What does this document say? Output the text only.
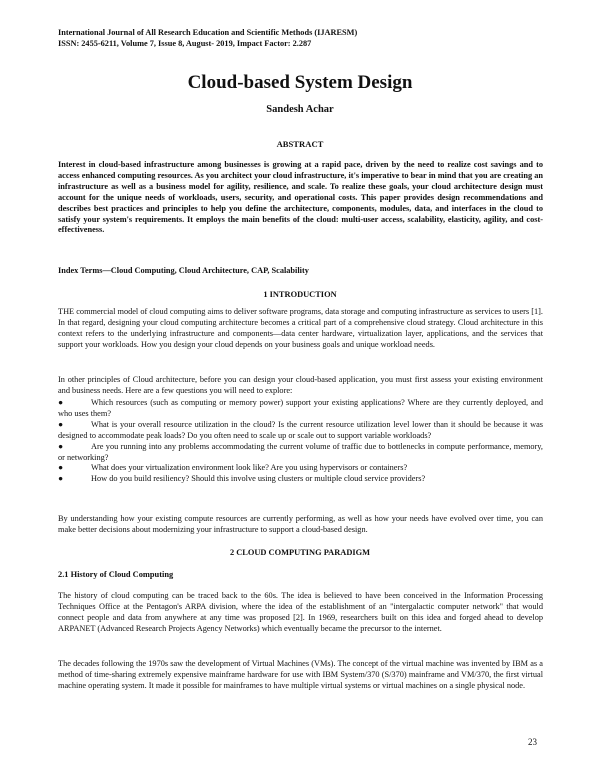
International Journal of All Research Education and Scientific Methods (IJARESM)
ISSN: 2455-6211, Volume 7, Issue 8, August- 2019, Impact Factor: 2.287
Cloud-based System Design
Sandesh Achar
ABSTRACT
Interest in cloud-based infrastructure among businesses is growing at a rapid pace, driven by the need to realize cost savings and to access enhanced computing resources. As you architect your cloud infrastructure, it's imperative to bear in mind that you are creating an infrastructure as well as a business model for agility, resilience, and scale. To realize these goals, your cloud architecture design must account for the unique needs of workloads, users, security, and operational costs. This paper provides design recommendations and describes best practices and principles to help you define the architecture, components, modules, data, and interfaces in the cloud to satisfy your system's requirements. It employs the main benefits of the cloud: multi-user access, scalability, elasticity, agility, and cost-effectiveness.
Index Terms—Cloud Computing, Cloud Architecture, CAP, Scalability
1 INTRODUCTION
THE commercial model of cloud computing aims to deliver software programs, data storage and computing infrastructure as services to users [1]. In that regard, designing your cloud computing architecture becomes a critical part of a comprehensive cloud strategy. Cloud architecture in this context refers to the underlying infrastructure and components—data center hardware, virtualization layer, applications, and the services that support your workloads. How you design your cloud depends on your business goals and unique workload needs.
In other principles of Cloud architecture, before you can design your cloud-based application, you must first assess your existing environment and business needs. Here are a few questions you will need to explore:
●	Which resources (such as computing or memory power) support your existing applications? Where are they currently deployed, and who uses them?
●	What is your overall resource utilization in the cloud? Is the current resource utilization level lower than it should be because it was designed to accommodate peak loads? Do you often need to scale up or scale out to support variable workloads?
●	Are you running into any problems accommodating the current volume of traffic due to bottlenecks in compute performance, memory, or networking?
●	What does your virtualization environment look like? Are you using hypervisors or containers?
●	How do you build resiliency? Should this involve using clusters or multiple cloud service providers?
By understanding how your existing compute resources are currently performing, as well as how your needs have evolved over time, you can make better decisions about modernizing your infrastructure to support a cloud-based design.
2 CLOUD COMPUTING PARADIGM
2.1 History of Cloud Computing
The history of cloud computing can be traced back to the 60s. The idea is believed to have been conceived in the Information Processing Techniques Office at the Pentagon's ARPA division, where the idea of the establishment of an "intergalactic computer network" that would connect people and data from anywhere at any time was proposed [2]. In 1969, researchers built on this idea and forged ahead to develop ARPANET (Advanced Research Projects Agency Networks) which eventually became the precursor to the internet.
The decades following the 1970s saw the development of Virtual Machines (VMs). The concept of the virtual machine was invented by IBM as a method of time-sharing extremely expensive mainframe hardware for use with IBM System/370 (S/370) mainframe and VM/370, the first virtual machine operating system. It made it possible for mainframes to have multiple virtual systems or virtual machines on a single physical node.
23
